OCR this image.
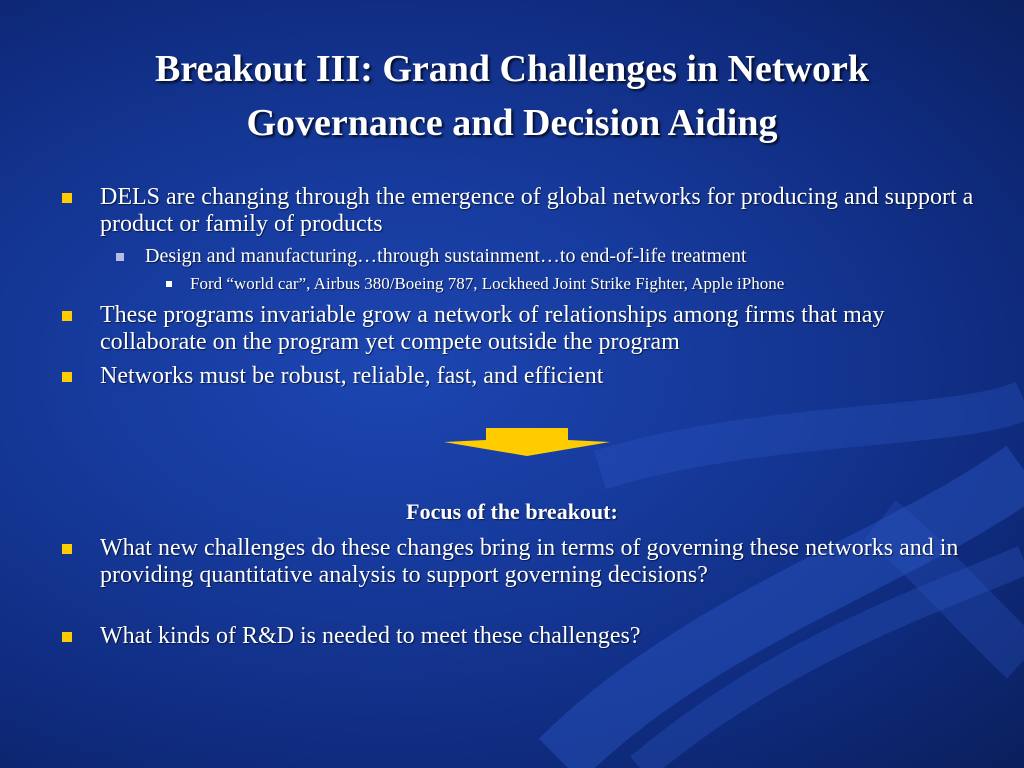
Breakout III: Grand Challenges in Network
Governance and Decision Aiding
DELS are changing through the emergence of global networks for producing and support a product or family of products
Design and manufacturing…through sustainment…to end-of-life treatment
Ford “world car”, Airbus 380/Boeing 787, Lockheed Joint Strike Fighter, Apple iPhone
These programs invariable grow a network of relationships among firms that may collaborate on the program yet compete outside the program
Networks must be robust, reliable, fast, and efficient
Focus of the breakout:
What new challenges do these changes bring in terms of governing these networks and in providing quantitative analysis to support governing decisions?
What kinds of R&D is needed to meet these challenges?
